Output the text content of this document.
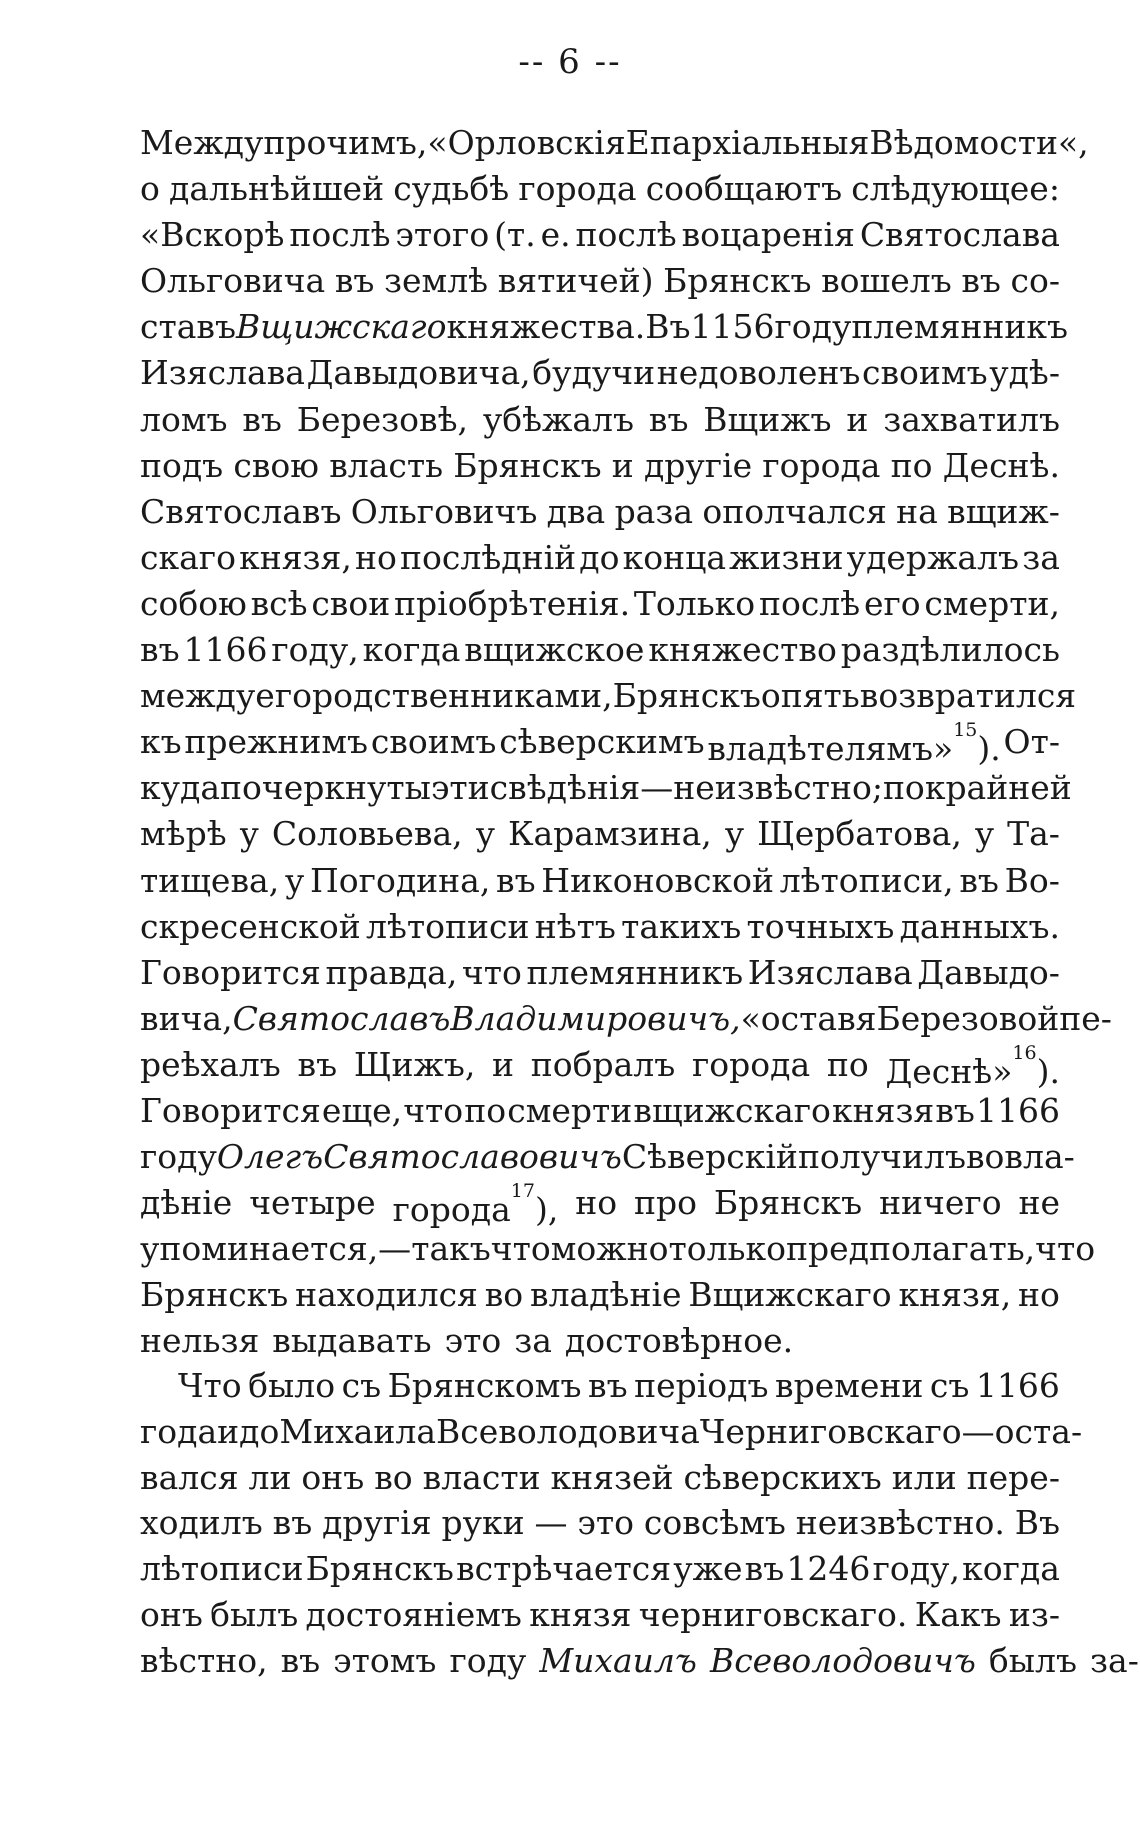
-- 6 --
Между прочимъ, «Орловскія Епархіальныя Вѣдомости«,
о дальнѣйшей судьбѣ города сообщаютъ слѣдующее:
«Вскорѣ послѣ этого (т. е. послѣ воцаренія Святослава
Ольговича въ землѣ вятичей) Брянскъ вошелъ въ со-
ставъ Вщижскаго княжества. Въ 1156 году племянникъ
Изяслава Давыдовича, будучи недоволенъ своимъ удѣ-
ломъ въ Березовѣ, убѣжалъ въ Вщижъ и захватилъ
подъ свою власть Брянскъ и другіе города по Деснѣ.
Святославъ Ольговичъ два раза ополчался на вщиж-
скаго князя, но послѣдній до конца жизни удержалъ за
собою всѣ свои пріобрѣтенія. Только послѣ его смерти,
въ 1166 году, когда вщижское княжество раздѣлилось
между его родственниками, Брянскъ опять возвратился
къ прежнимъ своимъ сѣверскимъ владѣтелямъ»$^{15}$). От-
куда почеркнуты эти свѣдѣнія—неизвѣстно; по крайней
мѣрѣ у Соловьева, у Карамзина, у Щербатова, у Та-
тищева, у Погодина, въ Никоновской лѣтописи, въ Во-
скресенской лѣтописи нѣтъ такихъ точныхъ данныхъ.
Говорится правда, что племянникъ Изяслава Давыдо-
вича, Святославъ Владимировичъ, «оставя Березовой пе-
реѣхалъ въ Щижъ, и побралъ города по Деснѣ»$^{16}$).
Говорится еще, что по смерти вщижскаго князя въ 1166
году Олегъ Святославовичъ Сѣверскій получилъ во вла-
дѣніе четыре города$^{17}$), но про Брянскъ ничего не
упоминается,— такъ что можно только предполагать, что
Брянскъ находился во владѣніе Вщижскаго князя, но
нельзя выдавать это за достовѣрное.
Что было съ Брянскомъ въ періодъ времени съ 1166
года и до Михаила Всеволодовича Черниговскаго — оста-
вался ли онъ во власти князей сѣверскихъ или пере-
ходилъ въ другія руки — это совсѣмъ неизвѣстно. Въ
лѣтописи Брянскъ встрѣчается уже въ 1246 году, когда
онъ былъ достояніемъ князя черниговскаго. Какъ из-
вѣстно, въ этомъ году Михаилъ Всеволодовичъ былъ за-
